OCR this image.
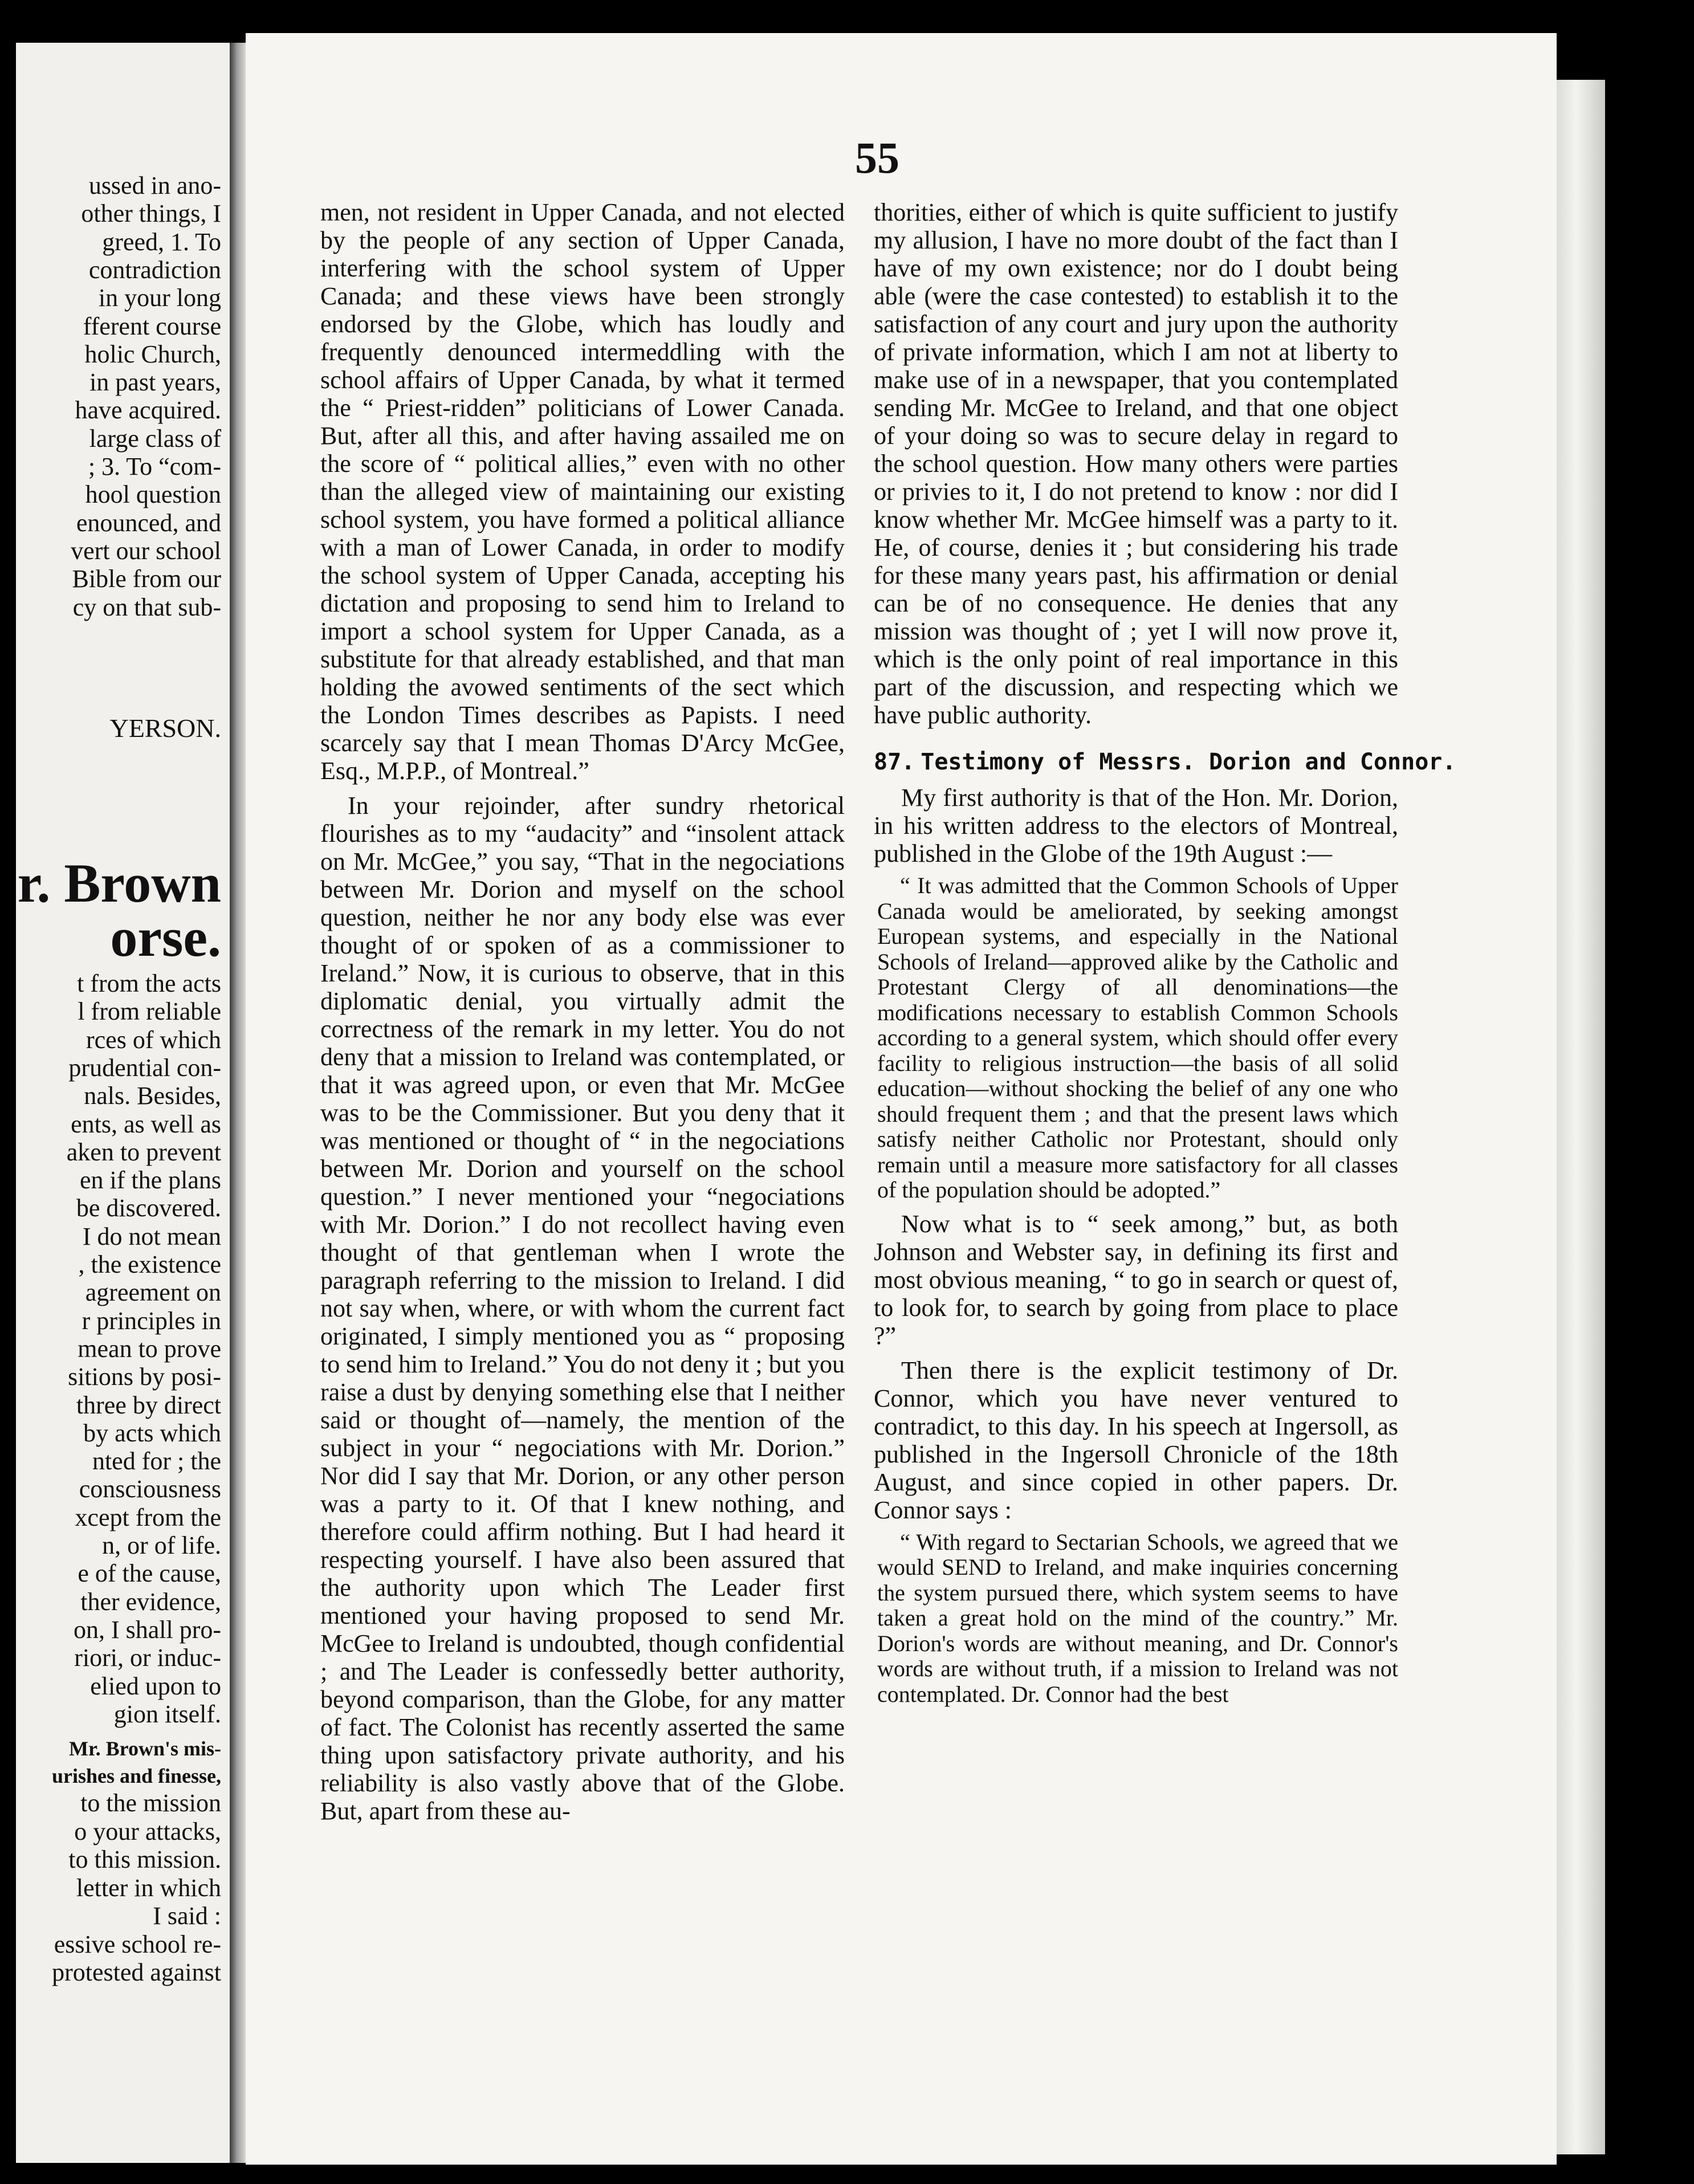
ussed in ano-
other things, I
greed, 1. To
contradiction
in your long
fferent course
holic Church,
in past years,
have acquired.
large class of
; 3. To “com-
hool question
enounced, and
vert our school
Bible from our
cy on that sub-
YERSON.
r. Brown
orse.
t from the acts
l from reliable
rces of which
prudential con-
nals. Besides,
ents, as well as
aken to prevent
en if the plans
be discovered.
I do not mean
, the existence
agreement on
r principles in
mean to prove
sitions by posi-
three by direct
by acts which
nted for ; the
consciousness
xcept from the
n, or of life.
e of the cause,
ther evidence,
on, I shall pro-
riori, or induc-
elied upon to
gion itself.
Mr. Brown's mis-
urishes and finesse,
to the mission
o your attacks,
to this mission.
letter in which
I said :
essive school re-
protested against
55

men, not resident in Upper Canada, and not elected by the people of any section of Upper Canada, interfering with the school system of Upper Canada; and these views have been strongly endorsed by the Globe, which has loudly and frequently denounced intermeddling with the school affairs of Upper Canada, by what it termed the “ Priest-ridden” politicians of Lower Canada. But, after all this, and after having assailed me on the score of “ political allies,” even with no other than the alleged view of maintaining our existing school system, you have formed a political alliance with a man of Lower Canada, in order to modify the school system of Upper Canada, accepting his dictation and proposing to send him to Ireland to import a school system for Upper Canada, as a substitute for that already established, and that man holding the avowed sentiments of the sect which the London Times describes as Papists. I need scarcely say that I mean Thomas D'Arcy McGee, Esq., M.P.P., of Montreal.”

In your rejoinder, after sundry rhetorical flourishes as to my “audacity” and “insolent attack on Mr. McGee,” you say, “That in the negociations between Mr. Dorion and myself on the school question, neither he nor any body else was ever thought of or spoken of as a commissioner to Ireland.” Now, it is curious to observe, that in this diplomatic denial, you virtually admit the correctness of the remark in my letter. You do not deny that a mission to Ireland was contemplated, or that it was agreed upon, or even that Mr. McGee was to be the Commissioner. But you deny that it was mentioned or thought of “ in the negociations between Mr. Dorion and yourself on the school question.” I never mentioned your “negociations with Mr. Dorion.” I do not recollect having even thought of that gentleman when I wrote the paragraph referring to the mission to Ireland. I did not say when, where, or with whom the current fact originated, I simply mentioned you as “ proposing to send him to Ireland.” You do not deny it ; but you raise a dust by denying something else that I neither said or thought of—namely, the mention of the subject in your “ negociations with Mr. Dorion.” Nor did I say that Mr. Dorion, or any other person was a party to it. Of that I knew nothing, and therefore could affirm nothing. But I had heard it respecting yourself. I have also been assured that the authority upon which The Leader first mentioned your having proposed to send Mr. McGee to Ireland is undoubted, though confidential ; and The Leader is confessedly better authority, beyond comparison, than the Globe, for any matter of fact. The Colonist has recently asserted the same thing upon satisfactory private authority, and his reliability is also vastly above that of the Globe. But, apart from these au-

thorities, either of which is quite sufficient to justify my allusion, I have no more doubt of the fact than I have of my own existence; nor do I doubt being able (were the case contested) to establish it to the satisfaction of any court and jury upon the authority of private information, which I am not at liberty to make use of in a newspaper, that you contemplated sending Mr. McGee to Ireland, and that one object of your doing so was to secure delay in regard to the school question. How many others were parties or privies to it, I do not pretend to know : nor did I know whether Mr. McGee himself was a party to it. He, of course, denies it ; but considering his trade for these many years past, his affirmation or denial can be of no consequence. He denies that any mission was thought of ; yet I will now prove it, which is the only point of real importance in this part of the discussion, and respecting which we have public authority.

87. Testimony of Messrs. Dorion and Connor.

My first authority is that of the Hon. Mr. Dorion, in his written address to the electors of Montreal, published in the Globe of the 19th August :—

“ It was admitted that the Common Schools of Upper Canada would be ameliorated, by seeking amongst European systems, and especially in the National Schools of Ireland—approved alike by the Catholic and Protestant Clergy of all denominations—the modifications necessary to establish Common Schools according to a general system, which should offer every facility to religious instruction—the basis of all solid education—without shocking the belief of any one who should frequent them ; and that the present laws which satisfy neither Catholic nor Protestant, should only remain until a measure more satisfactory for all classes of the population should be adopted.”

Now what is to “ seek among,” but, as both Johnson and Webster say, in defining its first and most obvious meaning, “ to go in search or quest of, to look for, to search by going from place to place ?”

Then there is the explicit testimony of Dr. Connor, which you have never ventured to contradict, to this day. In his speech at Ingersoll, as published in the Ingersoll Chronicle of the 18th August, and since copied in other papers. Dr. Connor says :

“ With regard to Sectarian Schools, we agreed that we would SEND to Ireland, and make inquiries concerning the system pursued there, which system seems to have taken a great hold on the mind of the country.” Mr. Dorion's words are without meaning, and Dr. Connor's words are without truth, if a mission to Ireland was not contemplated. Dr. Connor had the best
